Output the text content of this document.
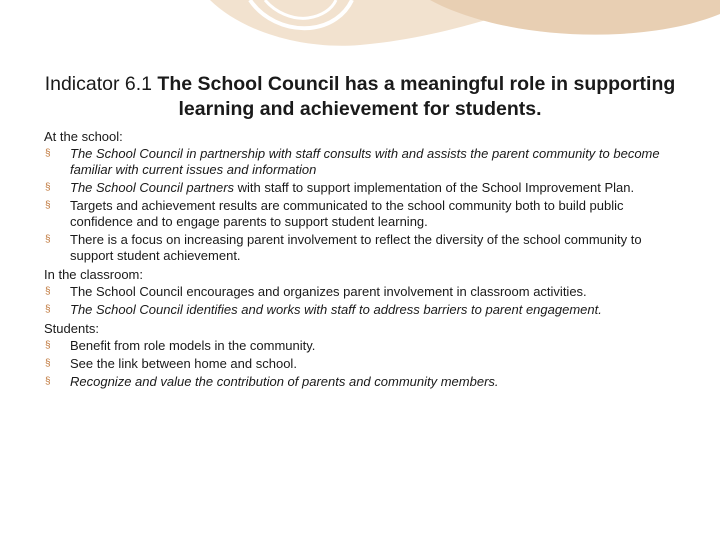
Indicator 6.1 The School Council has a meaningful role in supporting learning and achievement for students.
At the school:
§ The School Council in partnership with staff consults with and assists the parent community to become familiar with current issues and information
§ The School Council partners with staff to support implementation of the School Improvement Plan.
§ Targets and achievement results are communicated to the school community both to build public confidence and to engage parents to support student learning.
§ There is a focus on increasing parent involvement to reflect the diversity of the school community to support student achievement.
In the classroom:
§ The School Council encourages and organizes parent involvement in classroom activities.
§ The School Council identifies and works with staff to address barriers to parent engagement.
Students:
§ Benefit from role models in the community.
§ See the link between home and school.
§ Recognize and value the contribution of parents and community members.
